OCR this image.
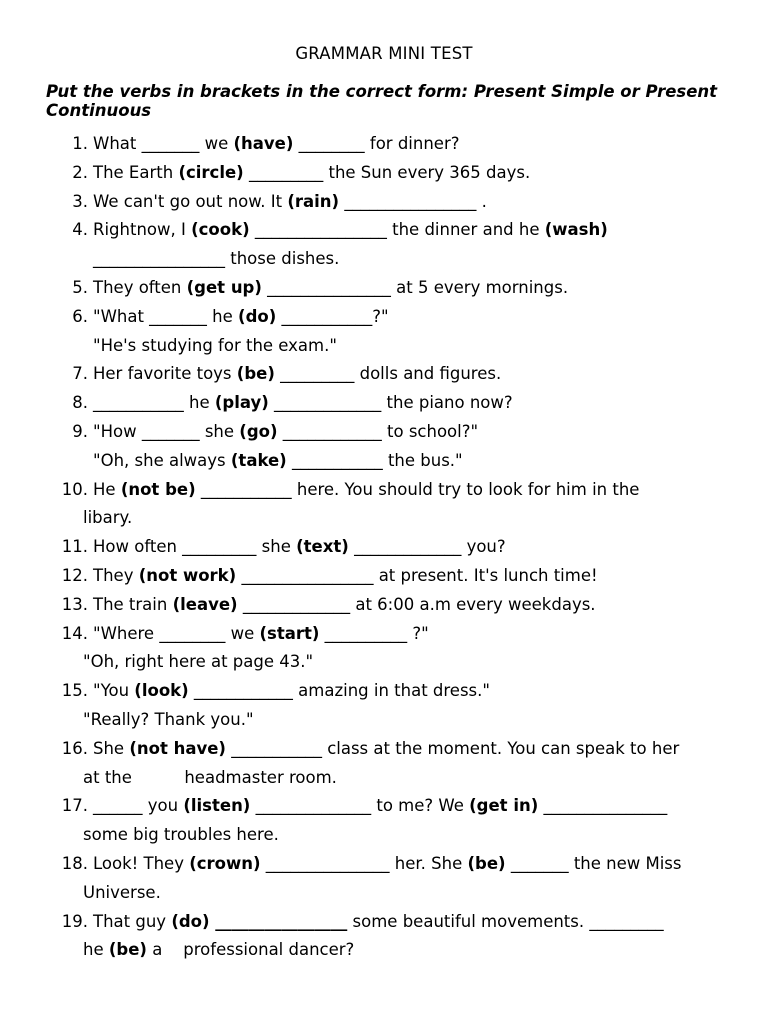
GRAMMAR MINI TEST
Put the verbs in brackets in the correct form: Present Simple or Present Continuous
1. What _______ we (have) ________ for dinner?
2. The Earth (circle) _________ the Sun every 365 days.
3. We can't go out now. It (rain) ________________ .
4. Rightnow, I (cook) ________________ the dinner and he (wash)
________________ those dishes.
5. They often (get up) _______________ at 5 every mornings.
6. "What _______ he (do) ___________?"
"He's studying for the exam."
7. Her favorite toys (be) _________ dolls and figures.
8. ___________ he (play) _____________ the piano now?
9. "How _______ she (go) ____________ to school?"
"Oh, she always (take) ___________ the bus."
10. He (not be) ___________ here. You should try to look for him in the
libary.
11. How often _________ she (text) _____________ you?
12. They (not work) ________________ at present. It's lunch time!
13. The train (leave) _____________ at 6:00 a.m every weekdays.
14. "Where ________ we (start) __________ ?"
"Oh, right here at page 43."
15. "You (look) ____________ amazing in that dress."
"Really? Thank you."
16. She (not have) ___________ class at the moment. You can speak to her
at the          headmaster room.
17. ______ you (listen) ______________ to me? We (get in) _______________
some big troubles here.
18. Look! They (crown) _______________ her. She (be) _______ the new Miss
Universe.
19. That guy (do) ________________ some beautiful movements. _________
he (be) a    professional dancer?
